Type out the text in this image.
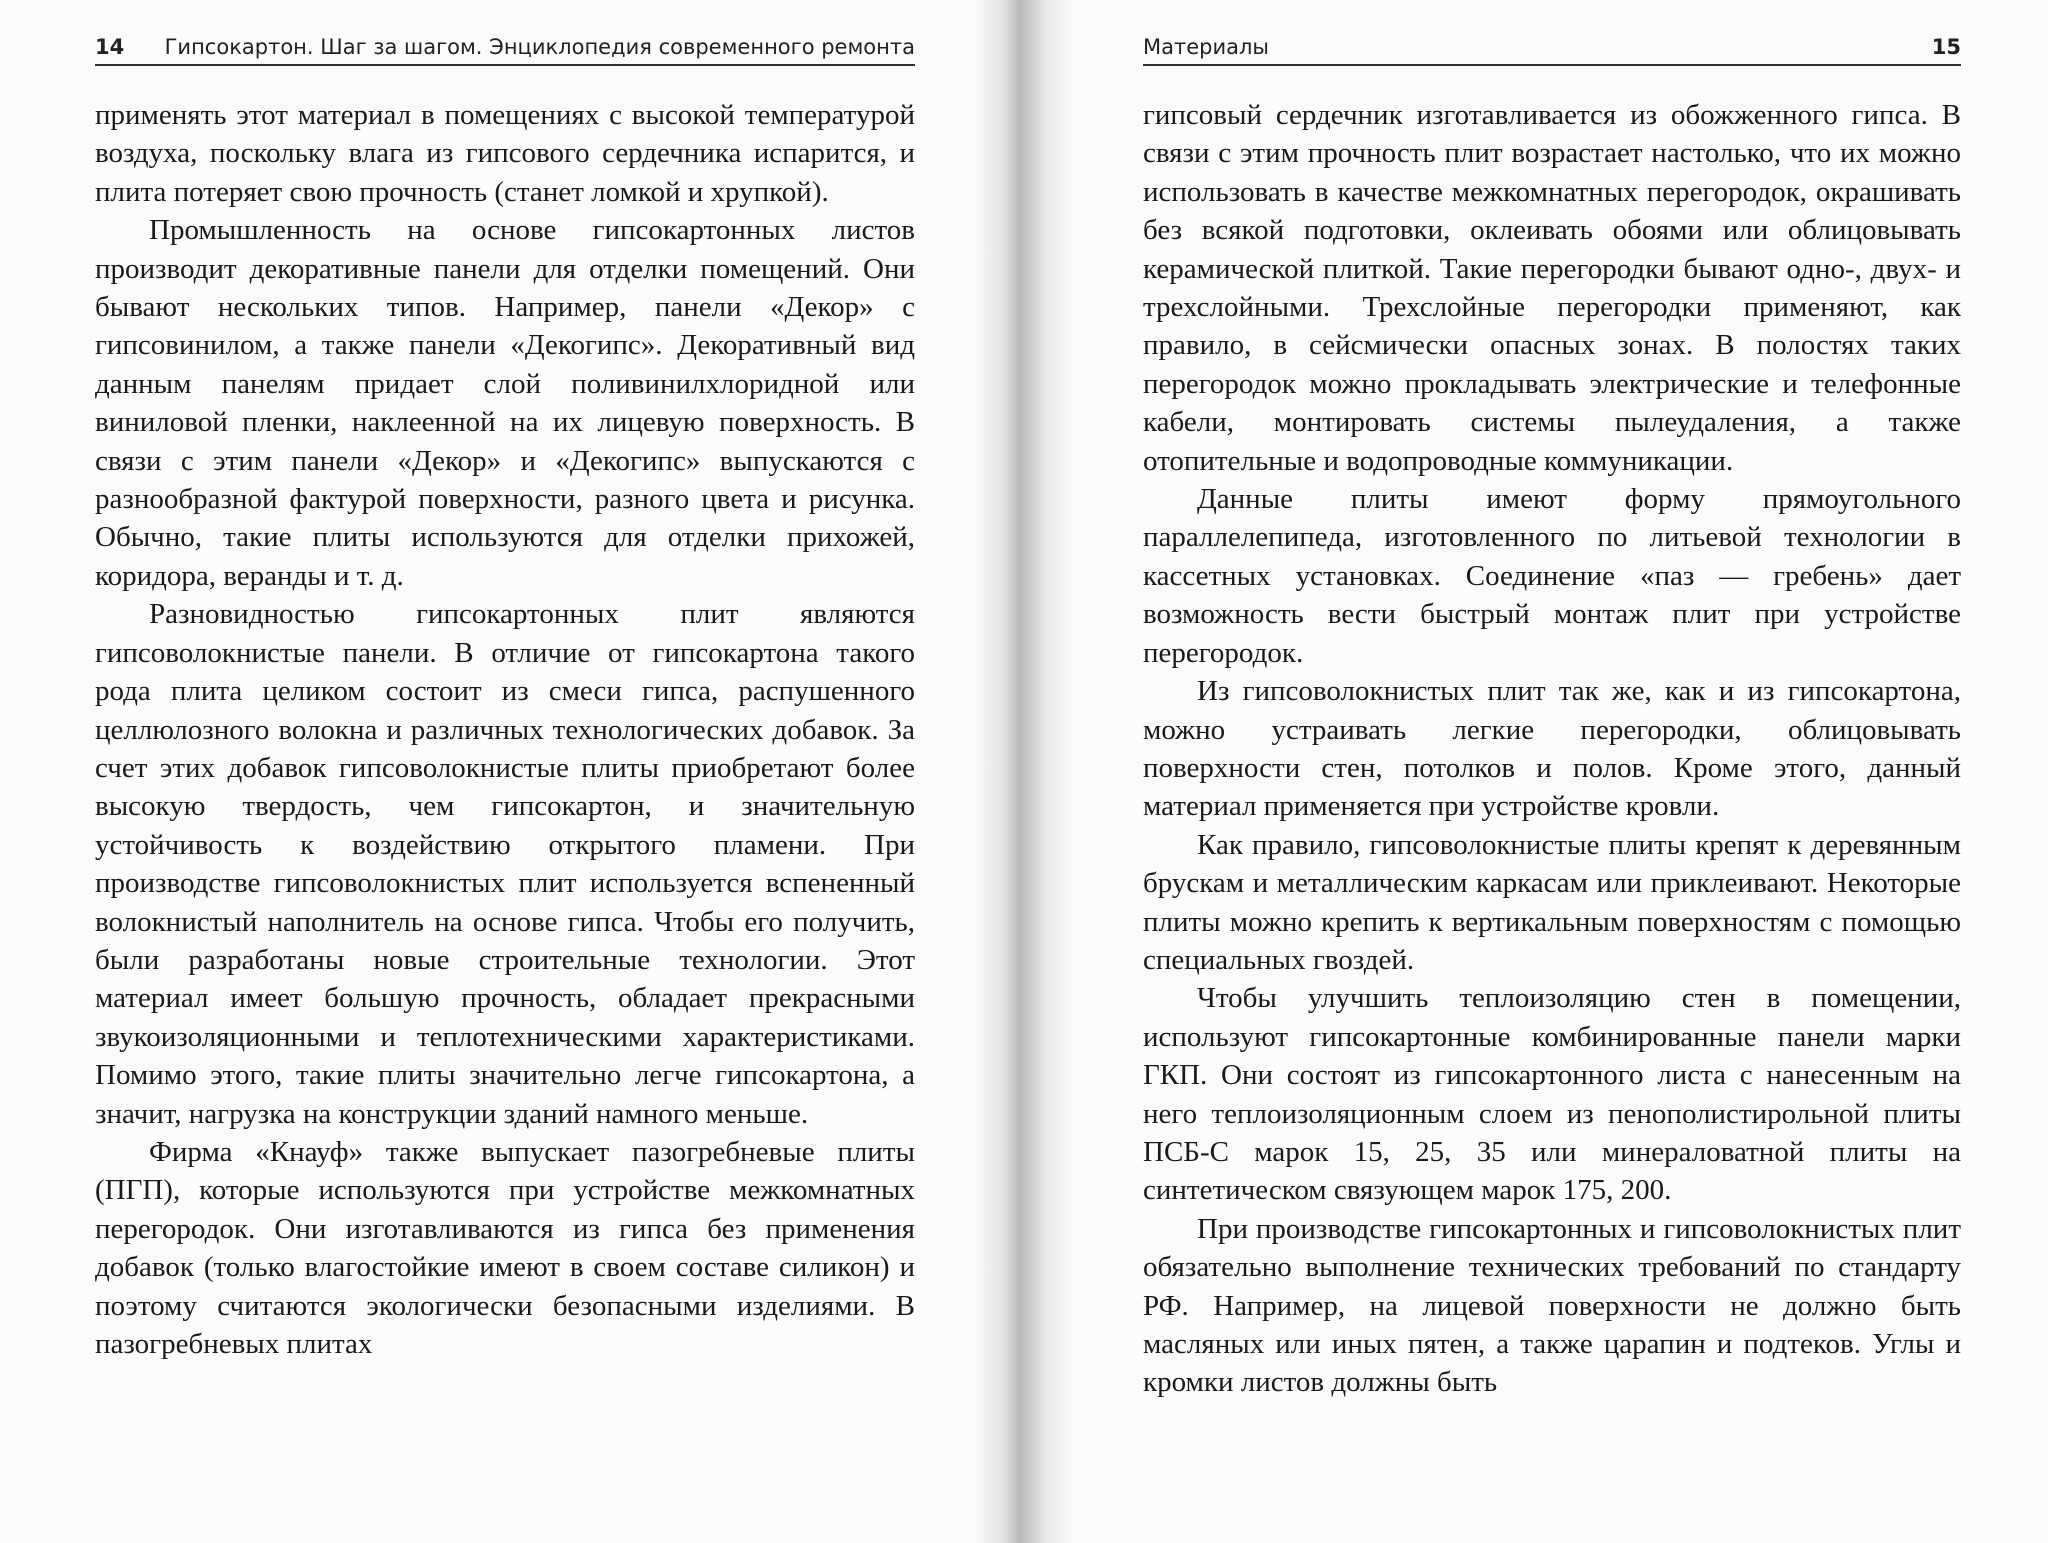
14 Гипсокартон. Шаг за шагом. Энциклопедия современного ремонта

применять этот материал в помещениях с высокой температурой воздуха, поскольку влага из гипсового сердечника испарится, и плита потеряет свою прочность (станет ломкой и хрупкой).

Промышленность на основе гипсокартонных листов производит декоративные панели для отделки помещений. Они бывают нескольких типов. Например, панели «Декор» с гипсовинилом, а также панели «Декогипс». Декоративный вид данным панелям придает слой поливинилхлоридной или виниловой пленки, наклеенной на их лицевую поверхность. В связи с этим панели «Декор» и «Декогипс» выпускаются с разнообразной фактурой поверхности, разного цвета и рисунка. Обычно, такие плиты используются для отделки прихожей, коридора, веранды и т. д.

Разновидностью гипсокартонных плит являются гипсоволокнистые панели. В отличие от гипсокартона такого рода плита целиком состоит из смеси гипса, распушенного целлюлозного волокна и различных технологических добавок. За счет этих добавок гипсоволокнистые плиты приобретают более высокую твердость, чем гипсокартон, и значительную устойчивость к воздействию открытого пламени. При производстве гипсоволокнистых плит используется вспененный волокнистый наполнитель на основе гипса. Чтобы его получить, были разработаны новые строительные технологии. Этот материал имеет большую прочность, обладает прекрасными звукоизоляционными и теплотехническими характеристиками. Помимо этого, такие плиты значительно легче гипсокартона, а значит, нагрузка на конструкции зданий намного меньше.

Фирма «Кнауф» также выпускает пазогребневые плиты (ПГП), которые используются при устройстве межкомнатных перегородок. Они изготавливаются из гипса без применения добавок (только влагостойкие имеют в своем составе силикон) и поэтому считаются экологически безопасными изделиями. В пазогребневых плитах

Материалы	15

гипсовый сердечник изготавливается из обожженного гипса. В связи с этим прочность плит возрастает настолько, что их можно использовать в качестве межкомнатных перегородок, окрашивать без всякой подготовки, оклеивать обоями или облицовывать керамической плиткой. Такие перегородки бывают одно-, двух- и трехслойными. Трехслойные перегородки применяют, как правило, в сейсмически опасных зонах. В полостях таких перегородок можно прокладывать электрические и телефонные кабели, монтировать системы пылеудаления, а также отопительные и водопроводные коммуникации.

Данные плиты имеют форму прямоугольного параллелепипеда, изготовленного по литьевой технологии в кассетных установках. Соединение «паз — гребень» дает возможность вести быстрый монтаж плит при устройстве перегородок.

Из гипсоволокнистых плит так же, как и из гипсокартона, можно устраивать легкие перегородки, облицовывать поверхности стен, потолков и полов. Кроме этого, данный материал применяется при устройстве кровли.

Как правило, гипсоволокнистые плиты крепят к деревянным брускам и металлическим каркасам или приклеивают. Некоторые плиты можно крепить к вертикальным поверхностям с помощью специальных гвоздей.

Чтобы улучшить теплоизоляцию стен в помещении, используют гипсокартонные комбинированные панели марки ГКП. Они состоят из гипсокартонного листа с нанесенным на него теплоизоляционным слоем из пенополистирольной плиты ПСБ-С марок 15, 25, 35 или минераловатной плиты на синтетическом связующем марок 175, 200.

При производстве гипсокартонных и гипсоволокнистых плит обязательно выполнение технических требований по стандарту РФ. Например, на лицевой поверхности не должно быть масляных или иных пятен, а также царапин и подтеков. Углы и кромки листов должны быть
